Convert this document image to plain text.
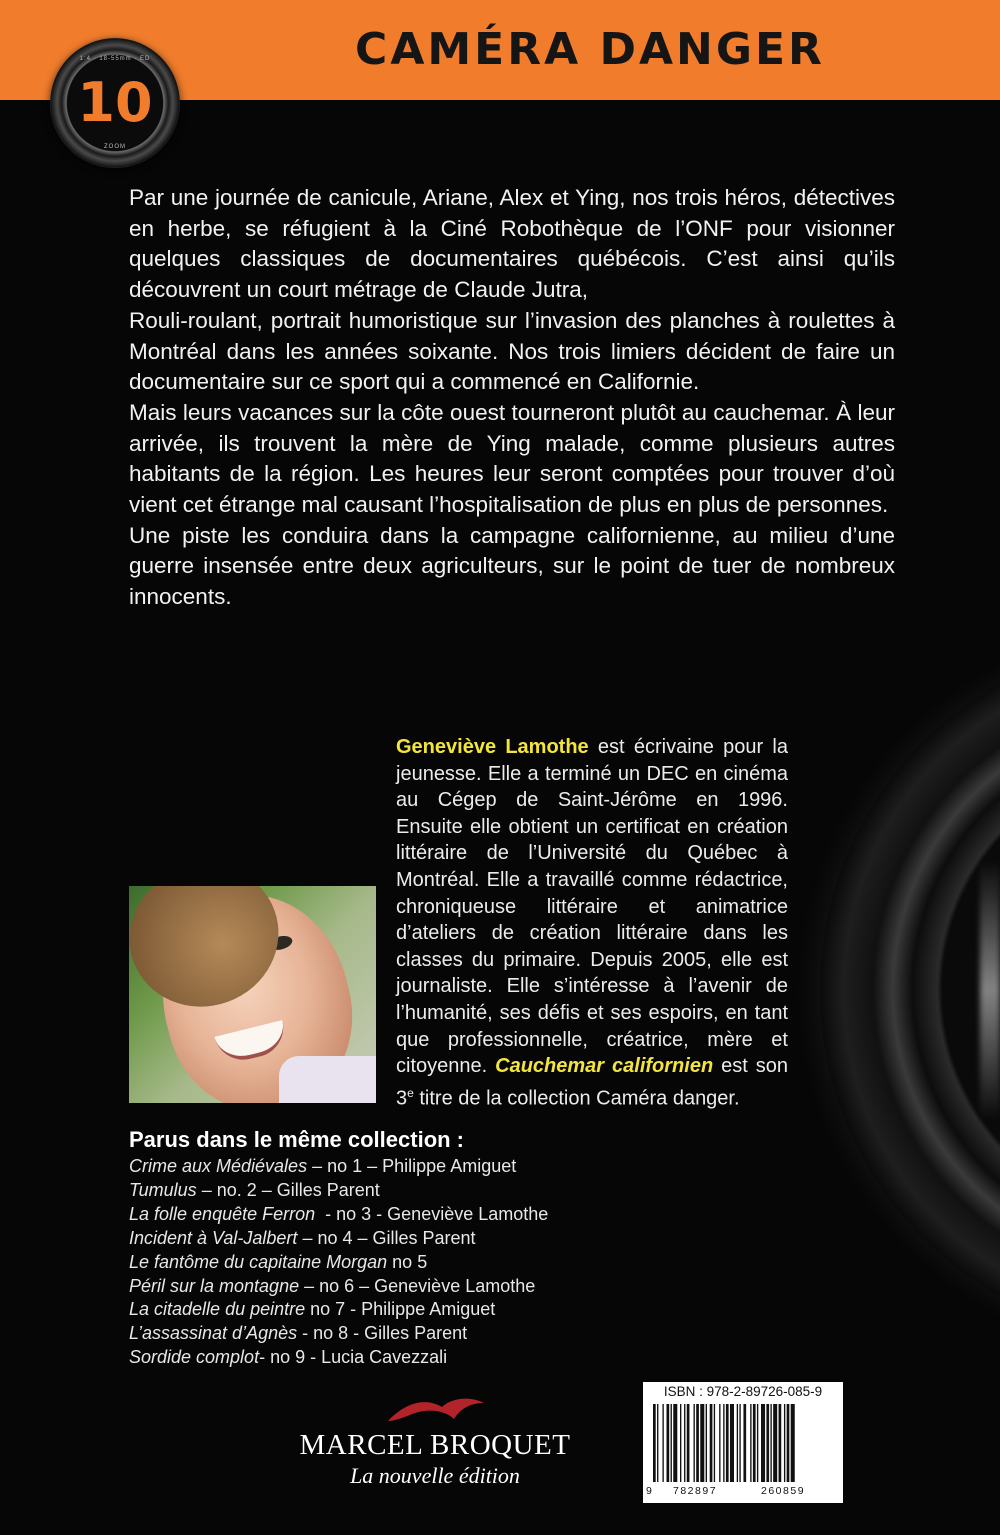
CAMÉRA DANGER
1:4 · 18-55mm · ED
10
ZOOM

Par une journée de canicule, Ariane, Alex et Ying, nos trois héros, détectives en herbe, se réfugient à la Ciné Robothèque de l’ONF pour visionner quelques classiques de documentaires québécois. C’est ainsi qu’ils découvrent un court métrage de Claude Jutra,

Rouli-roulant, portrait humoristique sur l’invasion des planches à roulettes à Montréal dans les années soixante. Nos trois limiers décident de faire un documentaire sur ce sport qui a commencé en Californie.

Mais leurs vacances sur la côte ouest tourneront plutôt au cauchemar. À leur arrivée, ils trouvent la mère de Ying malade, comme plusieurs autres habitants de la région. Les heures leur seront comptées pour trouver d’où vient cet étrange mal causant l’hospitalisation de plus en plus de personnes.

Une piste les conduira dans la campagne californienne, au milieu d’une guerre insensée entre deux agriculteurs, sur le point de tuer de nombreux innocents.

Geneviève Lamothe est écrivaine pour la jeunesse. Elle a terminé un DEC en cinéma au Cégep de Saint-Jérôme en 1996. Ensuite elle obtient un certificat en création littéraire de l’Université du Québec à Montréal. Elle a travaillé comme rédactrice, chroniqueuse littéraire et animatrice d’ateliers de création littéraire dans les classes du primaire. Depuis 2005, elle est journaliste. Elle s’intéresse à l’avenir de l’humanité, ses défis et ses espoirs, en tant que professionnelle, créatrice, mère et citoyenne. Cauchemar californien est son 3e titre de la collection Caméra danger.

Parus dans le même collection :
Crime aux Médiévales – no 1 – Philippe Amiguet
Tumulus – no. 2 – Gilles Parent
La folle enquête Ferron  - no 3 - Geneviève Lamothe
Incident à Val-Jalbert – no 4 – Gilles Parent
Le fantôme du capitaine Morgan no 5
Péril sur la montagne – no 6 – Geneviève Lamothe
La citadelle du peintre no 7 - Philippe Amiguet
L’assassinat d’Agnès - no 8 - Gilles Parent
Sordide complot- no 9 - Lucia Cavezzali
MARCEL BROQUET
La nouvelle édition
ISBN : 978-2-89726-085-9
9 782897	260859
